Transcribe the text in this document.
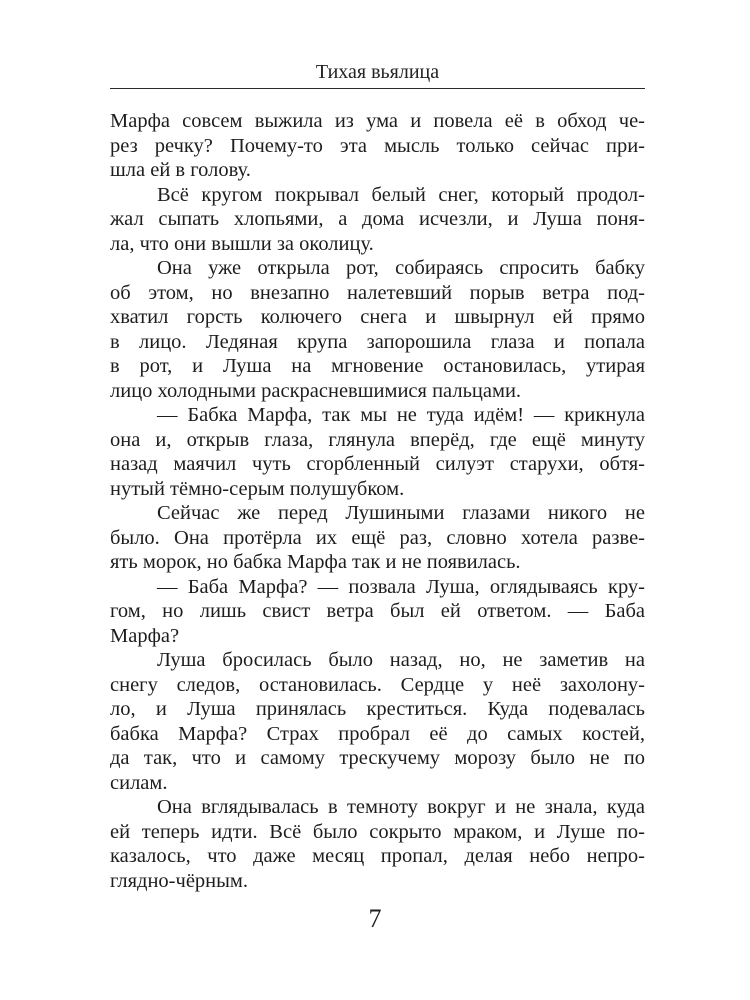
Тихая вьялица
Марфа совсем выжила из ума и повела её в обход че-
рез речку? Почему-то эта мысль только сейчас при-
шла ей в голову.
Всё кругом покрывал белый снег, который продол-
жал сыпать хлопьями, а дома исчезли, и Луша поня-
ла, что они вышли за околицу.
Она уже открыла рот, собираясь спросить бабку
об этом, но внезапно налетевший порыв ветра под-
хватил горсть колючего снега и швырнул ей прямо
в лицо. Ледяная крупа запорошила глаза и попала
в рот, и Луша на мгновение остановилась, утирая
лицо холодными раскрасневшимися пальцами.
— Бабка Марфа, так мы не туда идём! — крикнула
она и, открыв глаза, глянула вперёд, где ещё минуту
назад маячил чуть сгорбленный силуэт старухи, обтя-
нутый тёмно-серым полушубком.
Сейчас же перед Лушиными глазами никого не
было. Она протёрла их ещё раз, словно хотела разве-
ять морок, но бабка Марфа так и не появилась.
— Баба Марфа? — позвала Луша, оглядываясь кру-
гом, но лишь свист ветра был ей ответом. — Баба
Марфа?
Луша бросилась было назад, но, не заметив на
снегу следов, остановилась. Сердце у неё захолону-
ло, и Луша принялась креститься. Куда подевалась
бабка Марфа? Страх пробрал её до самых костей,
да так, что и самому трескучему морозу было не по
силам.
Она вглядывалась в темноту вокруг и не знала, куда
ей теперь идти. Всё было сокрыто мраком, и Луше по-
казалось, что даже месяц пропал, делая небо непро-
глядно-чёрным.
7
